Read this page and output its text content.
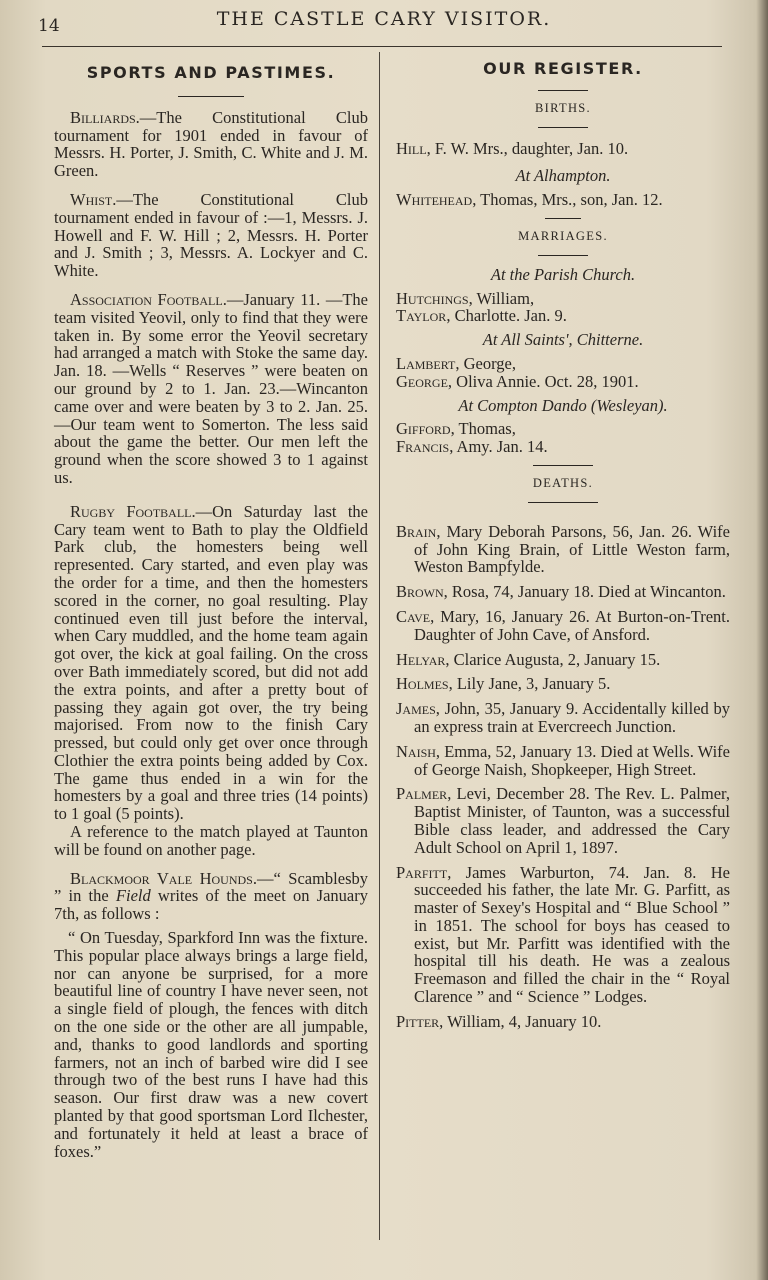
14	THE CASTLE CARY VISITOR.
SPORTS AND PASTIMES.

Billiards.—The Constitutional Club tournament for 1901 ended in favour of Messrs. H. Porter, J. Smith, C. White and J. M. Green.

Whist.—The Constitutional Club tournament ended in favour of :—1, Messrs. J. Howell and F. W. Hill ; 2, Messrs. H. Porter and J. Smith ; 3, Messrs. A. Lockyer and C. White.

Association Football.—January 11. —The team visited Yeovil, only to find that they were taken in. By some error the Yeovil secretary had arranged a match with Stoke the same day. Jan. 18. —Wells “ Reserves ” were beaten on our ground by 2 to 1. Jan. 23.—Wincanton came over and were beaten by 3 to 2. Jan. 25.—Our team went to Somerton. The less said about the game the better. Our men left the ground when the score showed 3 to 1 against us.

Rugby Football.—On Saturday last the Cary team went to Bath to play the Oldfield Park club, the homesters being well represented. Cary started, and even play was the order for a time, and then the homesters scored in the corner, no goal resulting. Play continued even till just before the interval, when Cary muddled, and the home team again got over, the kick at goal failing. On the cross over Bath immediately scored, but did not add the extra points, and after a pretty bout of passing they again got over, the try being majorised. From now to the finish Cary pressed, but could only get over once through Clothier the extra points being added by Cox. The game thus ended in a win for the homesters by a goal and three tries (14 points) to 1 goal (5 points).

A reference to the match played at Taunton will be found on another page.

Blackmoor Vale Hounds.—“ Scamblesby ” in the Field writes of the meet on January 7th, as follows :

“ On Tuesday, Sparkford Inn was the fixture. This popular place always brings a large field, nor can anyone be surprised, for a more beautiful line of country I have never seen, not a single field of plough, the fences with ditch on the one side or the other are all jumpable, and, thanks to good landlords and sporting farmers, not an inch of barbed wire did I see through two of the best runs I have had this season. Our first draw was a new covert planted by that good sportsman Lord Ilchester, and fortunately it held at least a brace of foxes.”

OUR REGISTER.
BIRTHS.

Hill, F. W. Mrs., daughter, Jan. 10.

At Alhampton.

Whitehead, Thomas, Mrs., son, Jan. 12.

MARRIAGES.
At the Parish Church.

Hutchings, William,

Taylor, Charlotte. Jan. 9.

At All Saints', Chitterne.

Lambert, George,

George, Oliva Annie. Oct. 28, 1901.

At Compton Dando (Wesleyan).

Gifford, Thomas,

Francis, Amy. Jan. 14.

DEATHS.

Brain, Mary Deborah Parsons, 56, Jan. 26. Wife of John King Brain, of Little Weston farm, Weston Bampfylde.

Brown, Rosa, 74, January 18. Died at Wincanton.

Cave, Mary, 16, January 26. At Burton-on-Trent. Daughter of John Cave, of Ansford.

Helyar, Clarice Augusta, 2, January 15.

Holmes, Lily Jane, 3, January 5.

James, John, 35, January 9. Accidentally killed by an express train at Evercreech Junction.

Naish, Emma, 52, January 13. Died at Wells. Wife of George Naish, Shopkeeper, High Street.

Palmer, Levi, December 28. The Rev. L. Palmer, Baptist Minister, of Taunton, was a successful Bible class leader, and addressed the Cary Adult School on April 1, 1897.

Parfitt, James Warburton, 74. Jan. 8. He succeeded his father, the late Mr. G. Parfitt, as master of Sexey's Hospital and “ Blue School ” in 1851. The school for boys has ceased to exist, but Mr. Parfitt was identified with the hospital till his death. He was a zealous Freemason and filled the chair in the “ Royal Clarence ” and “ Science ” Lodges.

Pitter, William, 4, January 10.
